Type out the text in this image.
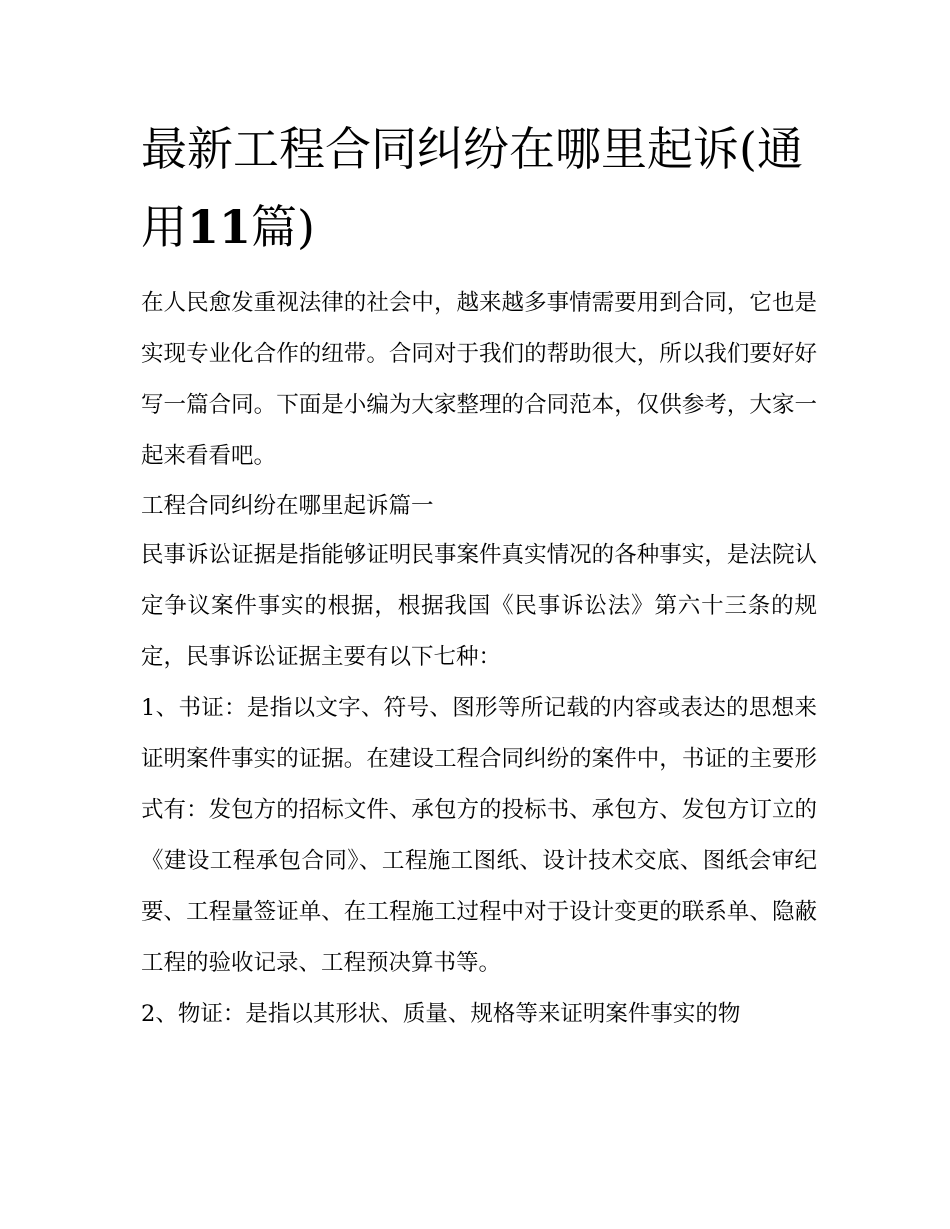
最新工程合同纠纷在哪里起诉(通用11篇)

在人民愈发重视法律的社会中，越来越多事情需要用到合同，它也是实现专业化合作的纽带。合同对于我们的帮助很大，所以我们要好好写一篇合同。下面是小编为大家整理的合同范本，仅供参考，大家一起来看看吧。

工程合同纠纷在哪里起诉篇一

民事诉讼证据是指能够证明民事案件真实情况的各种事实，是法院认定争议案件事实的根据，根据我国《民事诉讼法》第六十三条的规定，民事诉讼证据主要有以下七种：

1、书证：是指以文字、符号、图形等所记载的内容或表达的思想来证明案件事实的证据。在建设工程合同纠纷的案件中，书证的主要形式有：发包方的招标文件、承包方的投标书、承包方、发包方订立的《建设工程承包合同》、工程施工图纸、设计技术交底、图纸会审纪要、工程量签证单、在工程施工过程中对于设计变更的联系单、隐蔽工程的验收记录、工程预决算书等。

2、物证：是指以其形状、质量、规格等来证明案件事实的物
